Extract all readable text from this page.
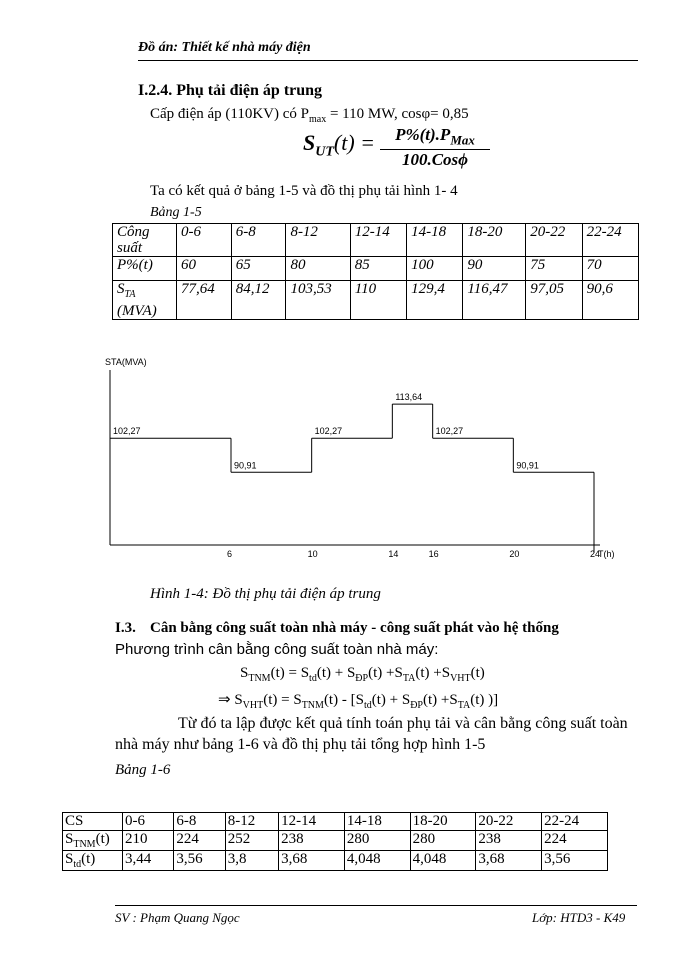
Đồ án: Thiết kế nhà máy điện
I.2.4. Phụ tải điện áp trung
Cấp điện áp (110KV) có $P_{max} = 110$ MW, cosφ= 0,85
$S_{UT}(t)$ =	$P\%(t).P_{Max}$
100.Cosϕ
Ta có kết quả ở bảng 1-5 và đồ thị phụ tải hình 1- 4
Bảng 1-5
Công suất	0-6	6-8	8-12	12-14	14-18	18-20	20-22	22-24
P%(t)	60	65	80	85	100	90	75	70
$S_{TA}$
(MVA)	77,64	84,12	103,53	110	129,4	116,47	97,05	90,6
STA(MVA)
102,27
90,91
102,27
113,64
102,27
90,91
6	10	14	16	20	24
T(h)
Hình 1-4: Đồ thị phụ tải điện áp trung
I.3. Cân bằng công suất toàn nhà máy - công suất phát vào hệ thống
Phương trình cân bằng công suất toàn nhà máy:
$S_{TNM}(t) = S_{td}(t) + S_{ĐP}(t) +S_{TA}(t) +S_{VHT}(t)$
⇒ $S_{VHT}(t) = S_{TNM}(t) - [S_{td}(t) + S_{ĐP}(t) +S_{TA}(t)$ )]
Từ đó ta lập được kết quả tính toán phụ tải và cân bằng công suất toàn
nhà máy như bảng 1-6 và đồ thị phụ tải tổng hợp hình 1-5
Bảng 1-6
CS	0-6	6-8	8-12	12-14	14-18	18-20	20-22	22-24
$S_{TNM}(t)$	210	224	252	238	280	280	238	224
$S_{td}(t)$	3,44	3,56	3,8	3,68	4,048	4,048	3,68	3,56
SV : Phạm Quang Ngọc	Lớp: HTD3 - K49
